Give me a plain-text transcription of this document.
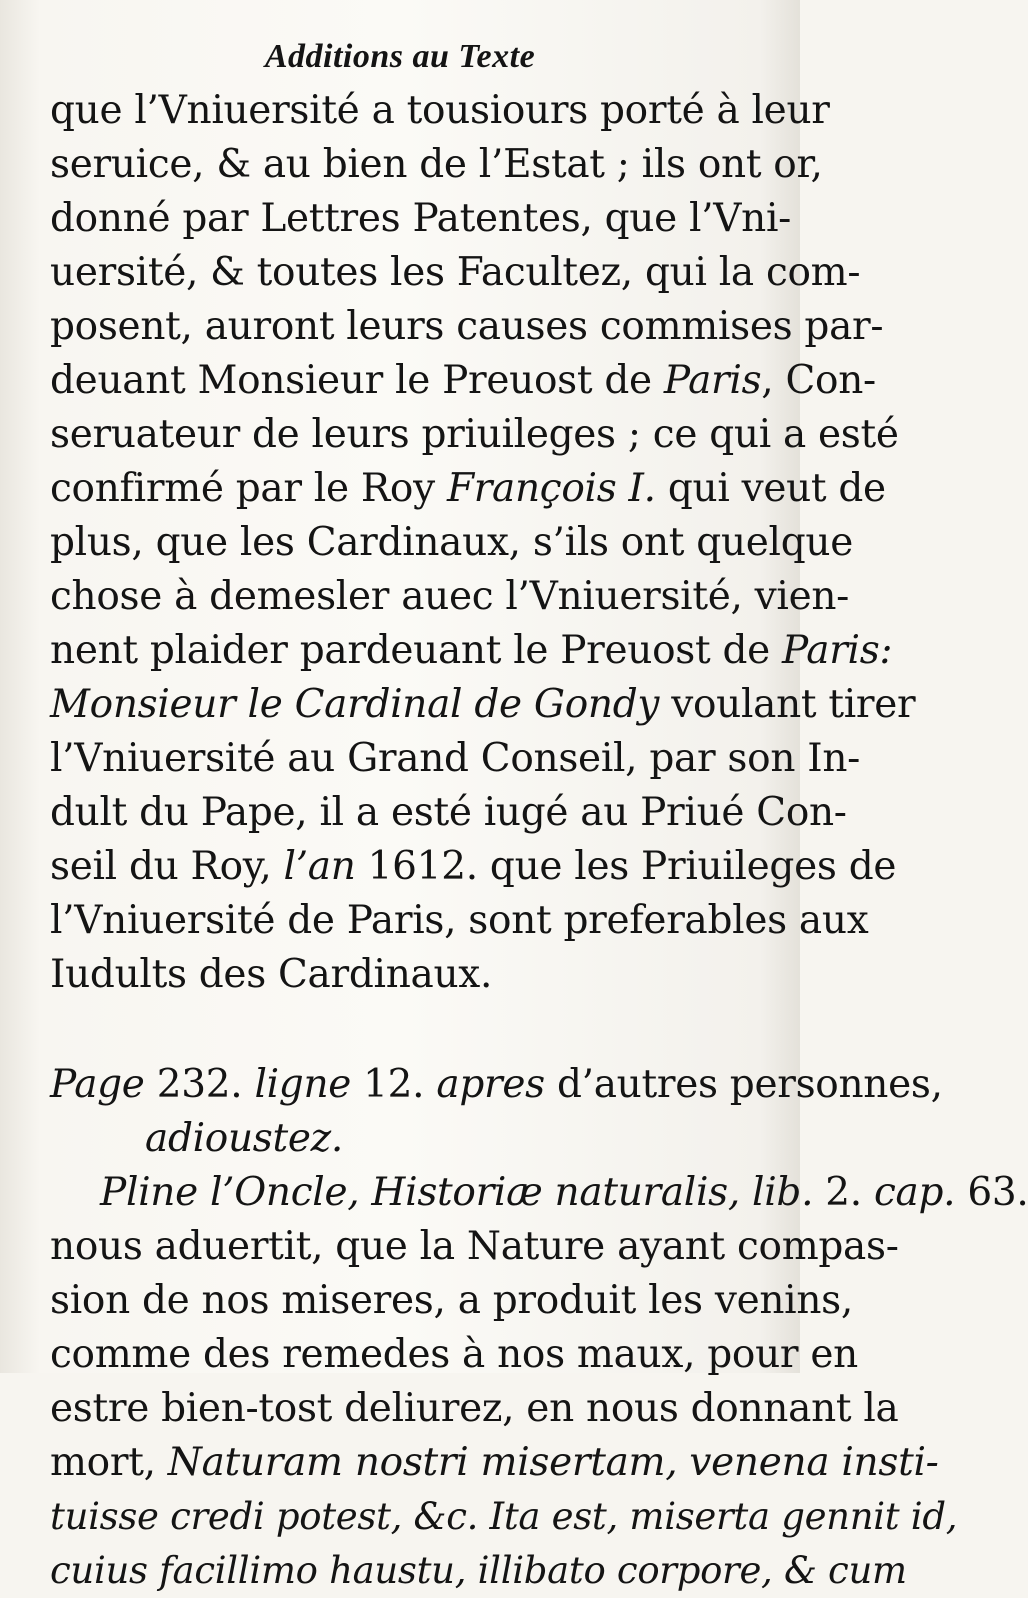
Additions au Texte
que l’Vniuersité a tousiours porté à leur
seruice, & au bien de l’Estat ; ils ont or,
donné par Lettres Patentes, que l’Vni-
uersité, & toutes les Facultez, qui la com-
posent, auront leurs causes commises par-
deuant Monsieur le Preuost de Paris, Con-
seruateur de leurs priuileges ; ce qui a esté
confirmé par le Roy François I. qui veut de
plus, que les Cardinaux, s’ils ont quelque
chose à demesler auec l’Vniuersité, vien-
nent plaider pardeuant le Preuost de Paris:
Monsieur le Cardinal de Gondy voulant tirer
l’Vniuersité au Grand Conseil, par son In-
dult du Pape, il a esté iugé au Priué Con-
seil du Roy, l’an 1612. que les Priuileges de
l’Vniuersité de Paris, sont preferables aux
Iudults des Cardinaux.
Page 232. ligne 12. apres d’autres personnes,
adioustez.
Pline l’Oncle, Historiæ naturalis, lib. 2. cap. 63.
nous aduertit, que la Nature ayant compas-
sion de nos miseres, a produit les venins,
comme des remedes à nos maux, pour en
estre bien-tost deliurez, en nous donnant la
mort, Naturam nostri misertam, venena insti-
tuisse credi potest, &c. Ita est, miserta gennit id,
cuius facillimo haustu, illibato corpore, & cum
